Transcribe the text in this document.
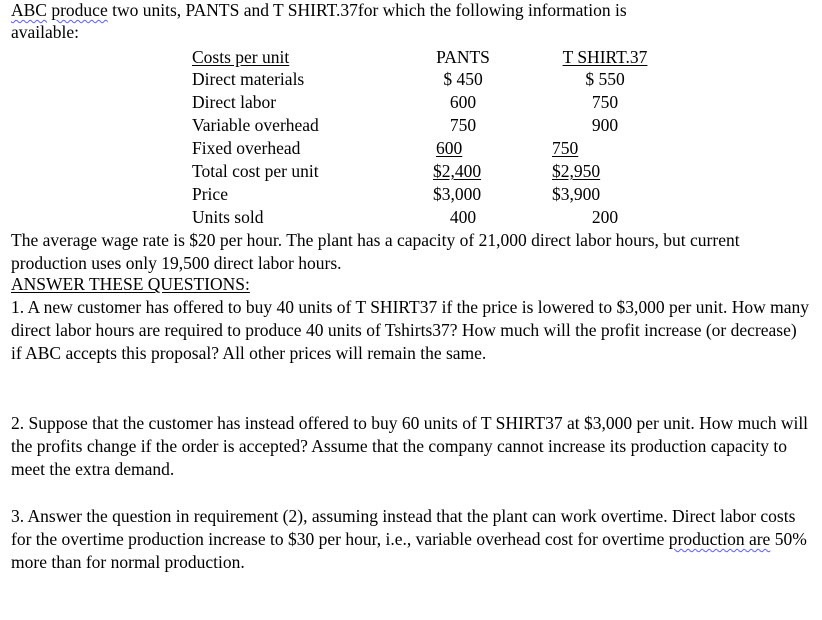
ABC produce two units, PANTS and T SHIRT.37for which the following information is
available:
Costs per unit	PANTS	T SHIRT.37
Direct materials	$ 450	$ 550
Direct labor	600	750
Variable overhead	750	900
Fixed overhead	600	750
Total cost per unit	$2,400	$2,950
Price	$3,000	$3,900
Units sold	400	200
The average wage rate is $20 per hour. The plant has a capacity of 21,000 direct labor hours, but current production uses only 19,500 direct labor hours.
ANSWER THESE QUESTIONS:
1. A new customer has offered to buy 40 units of T SHIRT37 if the price is lowered to $3,000 per unit. How many direct labor hours are required to produce 40 units of Tshirts37? How much will the profit increase (or decrease) if ABC accepts this proposal? All other prices will remain the same.
2. Suppose that the customer has instead offered to buy 60 units of T SHIRT37 at $3,000 per unit. How much will the profits change if the order is accepted? Assume that the company cannot increase its production capacity to meet the extra demand.
3. Answer the question in requirement (2), assuming instead that the plant can work overtime. Direct labor costs for the overtime production increase to $30 per hour, i.e., variable overhead cost for overtime production are 50% more than for normal production.
